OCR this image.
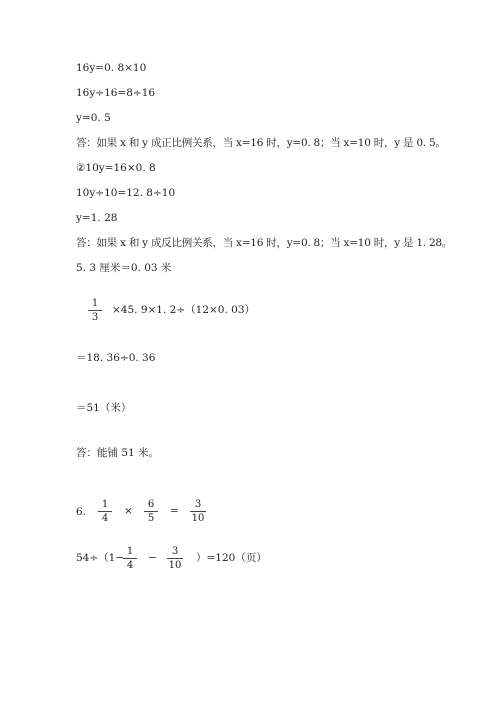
16y=0. 8×10
16y÷16=8÷16
y=0. 5
答：如果 x 和 y 成正比例关系，当 x=16 时，y=0. 8；当 x=10 时，y 是 0. 5。
②10y=16×0. 8
10y÷10=12. 8÷10
y=1. 28
答：如果 x 和 y 成反比例关系，当 x=16 时，y=0. 8；当 x=10 时，y 是 1. 28。
5. 3 厘米＝0. 03 米
1
3
×45. 9×1. 2÷（12×0. 03）
＝18. 36÷0. 36
＝51（米）
答：能铺 51 米。
6.
1
4
×
6
5
=
3
10
54÷（1−
1
4
−
3
10
）=120（页）
